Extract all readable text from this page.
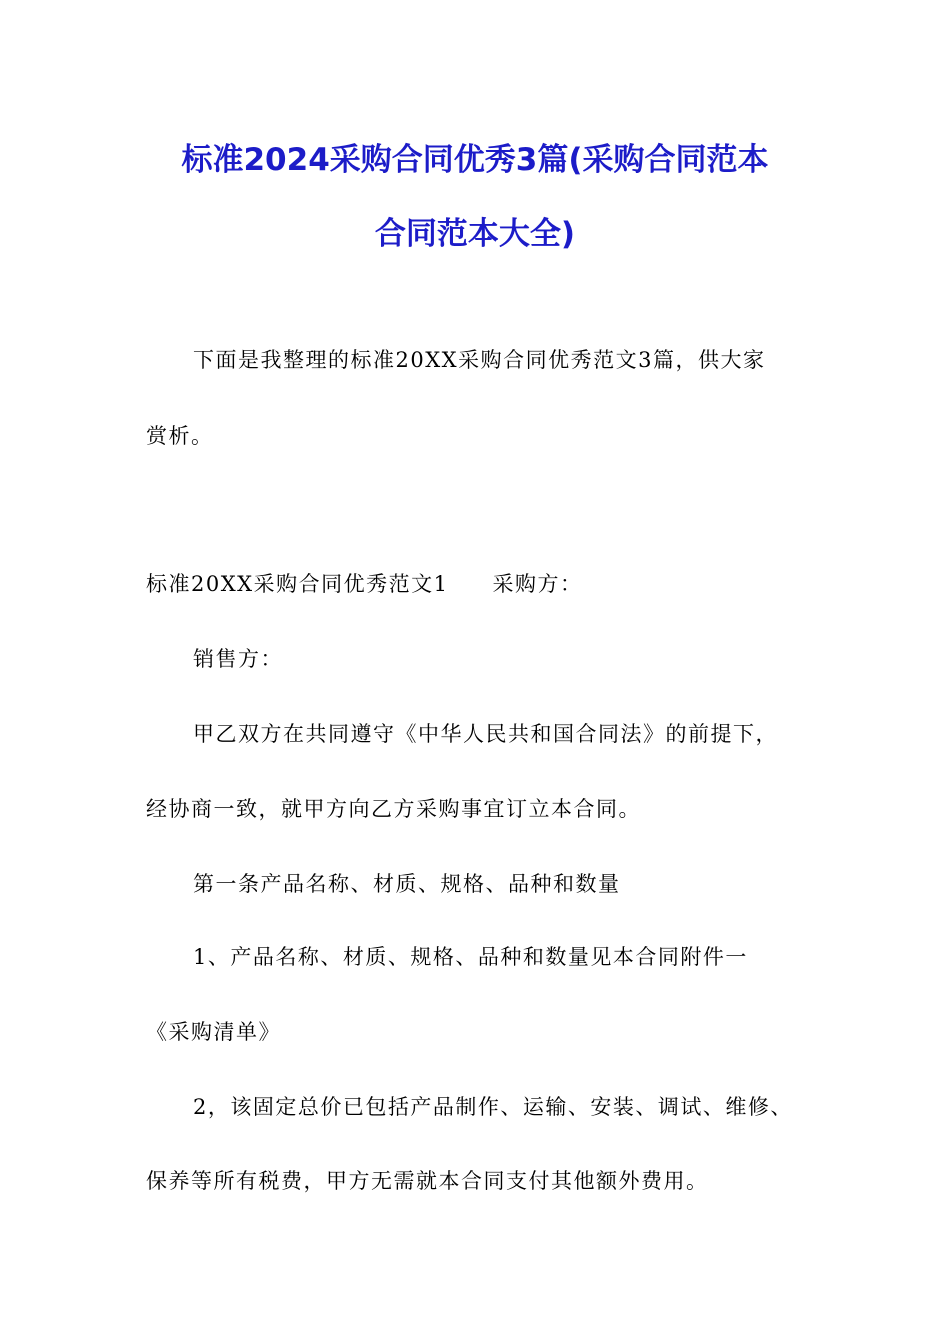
标准2024采购合同优秀3篇(采购合同范本
合同范本大全)
下面是我整理的标准20XX采购合同优秀范文3篇，供大家
赏析。
标准20XX采购合同优秀范文1 采购方：
销售方：
甲乙双方在共同遵守《中华人民共和国合同法》的前提下，
经协商一致，就甲方向乙方采购事宜订立本合同。
第一条产品名称、材质、规格、品种和数量
1、产品名称、材质、规格、品种和数量见本合同附件一
《采购清单》
2，该固定总价已包括产品制作、运输、安装、调试、维修、
保养等所有税费，甲方无需就本合同支付其他额外费用。
